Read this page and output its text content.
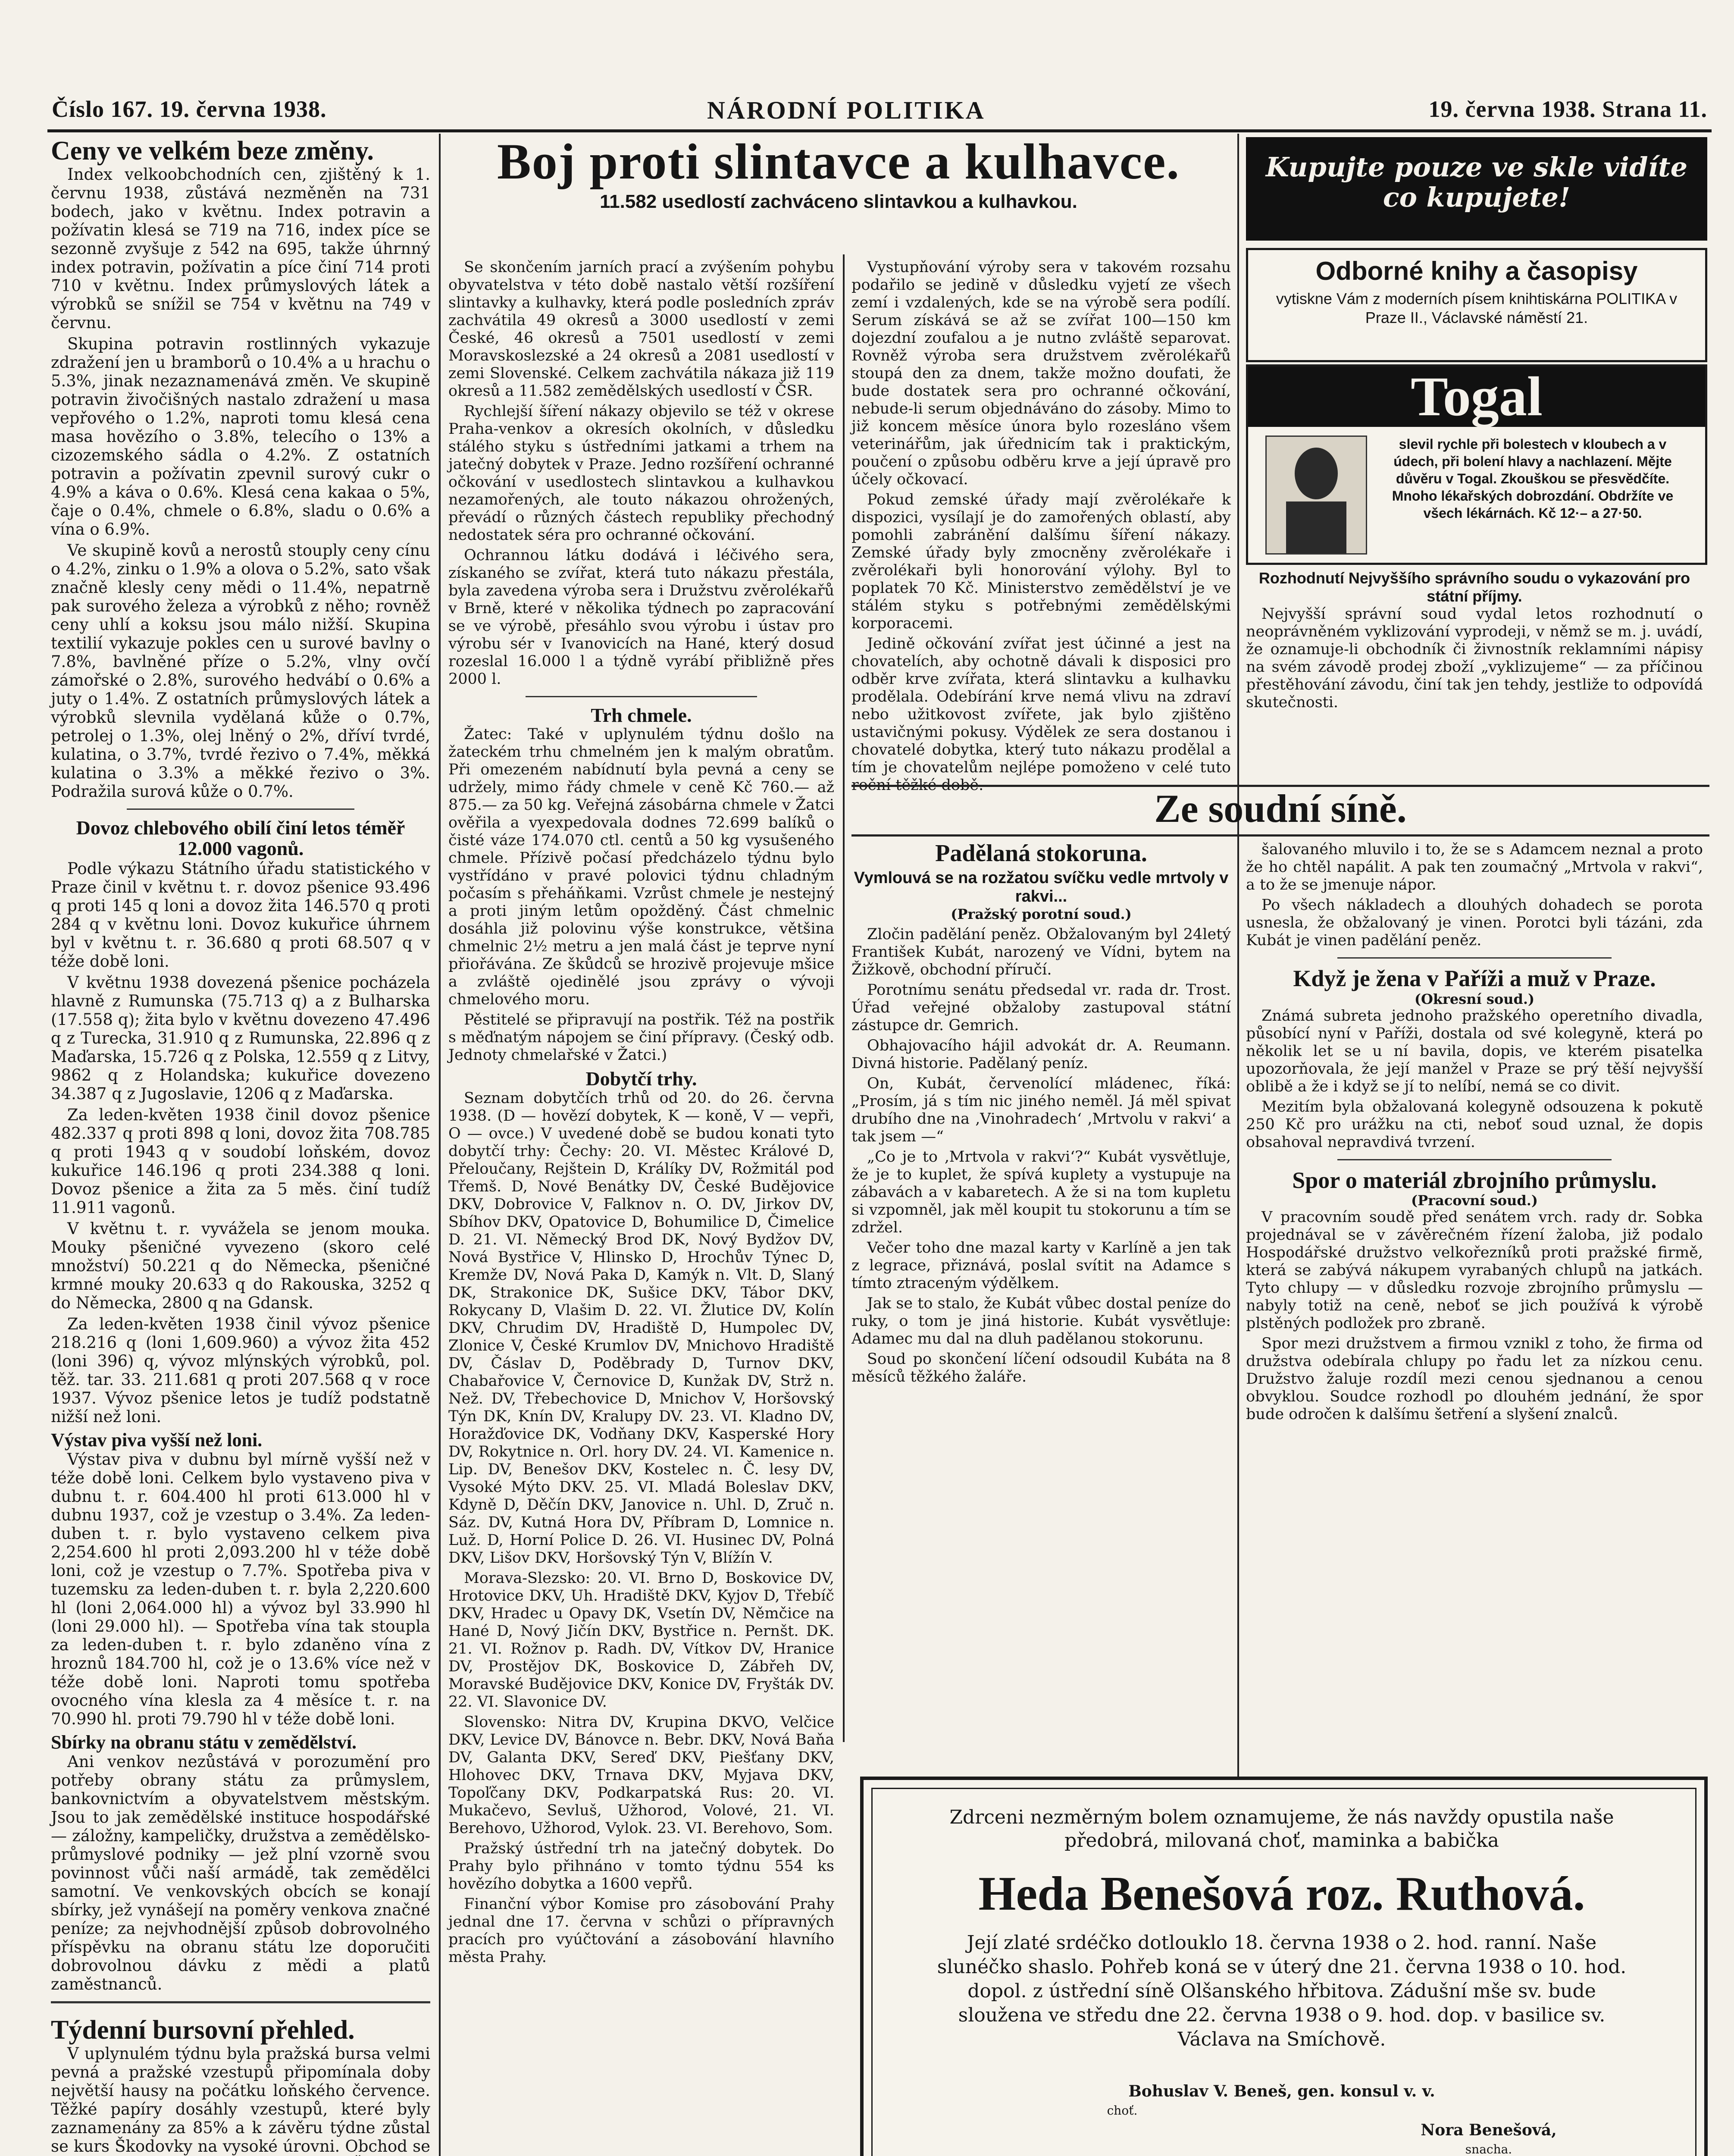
Číslo 167. 19. června 1938.	NÁRODNÍ POLITIKA	19. června 1938. Strana 11.
Ceny ve velkém beze změny.

Index velkoobchodních cen, zjištěný k 1. červnu 1938, zůstává nezměněn na 731 bodech, jako v květnu. Index potravin a požívatin klesá se 719 na 716, index píce se sezonně zvyšuje z 542 na 695, takže úhrnný index potravin, požívatin a píce činí 714 proti 710 v květnu. Index průmyslových látek a výrobků se snížil se 754 v květnu na 749 v červnu.

Skupina potravin rostlinných vykazuje zdražení jen u bramborů o 10.4% a u hrachu o 5.3%, jinak nezaznamenává změn. Ve skupině potravin živočišných nastalo zdražení u masa vepřového o 1.2%, naproti tomu klesá cena masa hovězího o 3.8%, telecího o 13% a cizozemského sádla o 4.2%. Z ostatních potravin a požívatin zpevnil surový cukr o 4.9% a káva o 0.6%. Klesá cena kakaa o 5%, čaje o 0.4%, chmele o 6.8%, sladu o 0.6% a vína o 6.9%.

Ve skupině kovů a nerostů stouply ceny cínu o 4.2%, zinku o 1.9% a olova o 5.2%, sato však značně klesly ceny mědi o 11.4%, nepatrně pak surového železa a výrobků z něho; rovněž ceny uhlí a koksu jsou málo nižší. Skupina textilií vykazuje pokles cen u surové bavlny o 7.8%, bavlněné příze o 5.2%, vlny ovčí zámořské o 2.8%, surového hedvábí o 0.6% a juty o 1.4%. Z ostatních průmyslových látek a výrobků slevnila vydělaná kůže o 0.7%, petrolej o 1.3%, olej lněný o 2%, dříví tvrdé, kulatina, o 3.7%, tvrdé řezivo o 7.4%, měkká kulatina o 3.3% a měkké řezivo o 3%. Podražila surová kůže o 0.7%.

Dovoz chlebového obilí činí letos téměř 12.000 vagonů.

Podle výkazu Státního úřadu statistického v Praze činil v květnu t. r. dovoz pšenice 93.496 q proti 145 q loni a dovoz žita 146.570 q proti 284 q v květnu loni. Dovoz kukuřice úhrnem byl v květnu t. r. 36.680 q proti 68.507 q v téže době loni.

V květnu 1938 dovezená pšenice pocházela hlavně z Rumunska (75.713 q) a z Bulharska (17.558 q); žita bylo v květnu dovezeno 47.496 q z Turecka, 31.910 q z Rumunska, 22.896 q z Maďarska, 15.726 q z Polska, 12.559 q z Litvy, 9862 q z Holandska; kukuřice dovezeno 34.387 q z Jugoslavie, 1206 q z Maďarska.

Za leden-květen 1938 činil dovoz pšenice 482.337 q proti 898 q loni, dovoz žita 708.785 q proti 1943 q v soudobí loňském, dovoz kukuřice 146.196 q proti 234.388 q loni. Dovoz pšenice a žita za 5 měs. činí tudíž 11.911 vagonů.

V květnu t. r. vyvážela se jenom mouka. Mouky pšeničné vyvezeno (skoro celé množství) 50.221 q do Německa, pšeničné krmné mouky 20.633 q do Rakouska, 3252 q do Německa, 2800 q na Gdansk.

Za leden-květen 1938 činil vývoz pšenice 218.216 q (loni 1,609.960) a vývoz žita 452 (loni 396) q, vývoz mlýnských výrobků, pol. těž. tar. 33. 211.681 q proti 207.568 q v roce 1937. Vývoz pšenice letos je tudíž podstatně nižší než loni.

Výstav piva vyšší než loni.

Výstav piva v dubnu byl mírně vyšší než v téže době loni. Celkem bylo vystaveno piva v dubnu t. r. 604.400 hl proti 613.000 hl v dubnu 1937, což je vzestup o 3.4%. Za leden-duben t. r. bylo vystaveno celkem piva 2,254.600 hl proti 2,093.200 hl v téže době loni, což je vzestup o 7.7%. Spotřeba piva v tuzemsku za leden-duben t. r. byla 2,220.600 hl (loni 2,064.000 hl) a vývoz byl 33.990 hl (loni 29.000 hl). — Spotřeba vína tak stoupla za leden-duben t. r. bylo zdaněno vína z hroznů 184.700 hl, což je o 13.6% více než v téže době loni. Naproti tomu spotřeba ovocného vína klesla za 4 měsíce t. r. na 70.990 hl. proti 79.790 hl v téže době loni.

Sbírky na obranu státu v zemědělství.

Ani venkov nezůstává v porozumění pro potřeby obrany státu za průmyslem, bankovnictvím a obyvatelstvem městským. Jsou to jak zemědělské instituce hospodářské — záložny, kampeličky, družstva a zemědělsko-průmyslové podniky — jež plní vzorně svou povinnost vůči naší armádě, tak zemědělci samotní. Ve venkovských obcích se konají sbírky, jež vynášejí na poměry venkova značné peníze; za nejvhodnější způsob dobrovolného příspěvku na obranu státu lze doporučiti dobrovolnou dávku z mědi a platů zaměstnanců.

Týdenní bursovní přehled.

V uplynulém týdnu byla pražská bursa velmi pevná a pražské vzestupů připomínala doby největší hausy na počátku loňského července. Těžké papíry dosáhly vzestupů, které byly zaznamenány za 85% a k závěru týdne zůstal se kurs Škodovky na vysoké úrovni. Obchod se

Boj proti slintavce a kulhavce.
11.582 usedlostí zachváceno slintavkou a kulhavkou.

Se skončením jarních prací a zvýšením pohybu obyvatelstva v této době nastalo větší rozšíření slintavky a kulhavky, která podle posledních zpráv zachvátila 49 okresů a 3000 usedlostí v zemi České, 46 okresů a 7501 usedlostí v zemi Moravskoslezské a 24 okresů a 2081 usedlostí v zemi Slovenské. Celkem zachvátila nákaza již 119 okresů a 11.582 zemědělských usedlostí v ČSR.

Rychlejší šíření nákazy objevilo se též v okrese Praha-venkov a okresích okolních, v důsledku stálého styku s ústředními jatkami a trhem na jatečný dobytek v Praze. Jedno rozšíření ochranné očkování v usedlostech slintavkou a kulhavkou nezamořených, ale touto nákazou ohrožených, převádí o různých částech republiky přechodný nedostatek séra pro ochranné očkování.

Ochrannou látku dodává i léčivého sera, získaného se zvířat, která tuto nákazu přestála, byla zavedena výroba sera i Družstvu zvěrolékařů v Brně, které v několika týdnech po zapracování se ve výrobě, přesáhlo svou výrobu i ústav pro výrobu sér v Ivanovicích na Hané, který dosud rozeslal 16.000 l a týdně vyrábí přibližně přes 2000 l.

Trh chmele.

Žatec: Také v uplynulém týdnu došlo na žateckém trhu chmelném jen k malým obratům. Při omezeném nabídnutí byla pevná a ceny se udržely, mimo řády chmele v ceně Kč 760.— až 875.— za 50 kg. Veřejná zásobárna chmele v Žatci ověřila a vyexpedovala dodnes 72.699 balíků o čisté váze 174.070 ctl. centů a 50 kg vysušeného chmele. Přízivě počasí předcházelo týdnu bylo vystřídáno v pravé polovici týdnu chladným počasím s přeháňkami. Vzrůst chmele je nestejný a proti jiným letům opožděný. Část chmelnic dosáhla již polovinu výše konstrukce, většina chmelnic 2½ metru a jen malá část je teprve nyní přiořávána. Ze škůdců se hrozivě projevuje mšice a zvláště ojedinělé jsou zprávy o vývoji chmelového moru.

Pěstitelé se připravují na postřik. Též na postřik s měďnatým nápojem se činí přípravy. (Český odb. Jednoty chmelařské v Žatci.)

Dobytčí trhy.

Seznam dobytčích trhů od 20. do 26. června 1938. (D — hovězí dobytek, K — koně, V — vepři, O — ovce.) V uvedené době se budou konati tyto dobytčí trhy: Čechy: 20. VI. Městec Králové D, Přeloučany, Rejštein D, Králíky DV, Rožmitál pod Třemš. D, Nové Benátky DV, České Budějovice DKV, Dobrovice V, Falknov n. O. DV, Jirkov DV, Sbíhov DKV, Opatovice D, Bohumilice D, Čimelice D. 21. VI. Německý Brod DK, Nový Bydžov DV, Nová Bystřice V, Hlinsko D, Hrochův Týnec D, Kremže DV, Nová Paka D, Kamýk n. Vlt. D, Slaný DK, Strakonice DK, Sušice DKV, Tábor DKV, Rokycany D, Vlašim D. 22. VI. Žlutice DV, Kolín DKV, Chrudim DV, Hradiště D, Humpolec DV, Zlonice V, České Krumlov DV, Mnichovo Hradiště DV, Čáslav D, Poděbrady D, Turnov DKV, Chabařovice V, Černovice D, Kunžak DV, Strž n. Než. DV, Třebechovice D, Mnichov V, Horšovský Týn DK, Knín DV, Kralupy DV. 23. VI. Kladno DV, Horažďovice DK, Vodňany DKV, Kasperské Hory DV, Rokytnice n. Orl. hory DV. 24. VI. Kamenice n. Lip. DV, Benešov DKV, Kostelec n. Č. lesy DV, Vysoké Mýto DKV. 25. VI. Mladá Boleslav DKV, Kdyně D, Děčín DKV, Janovice n. Uhl. D, Zruč n. Sáz. DV, Kutná Hora DV, Příbram D, Lomnice n. Luž. D, Horní Police D. 26. VI. Husinec DV, Polná DKV, Lišov DKV, Horšovský Týn V, Blížín V.

Morava-Slezsko: 20. VI. Brno D, Boskovice DV, Hrotovice DKV, Uh. Hradiště DKV, Kyjov D, Třebíč DKV, Hradec u Opavy DK, Vsetín DV, Němčice na Hané D, Nový Jičín DKV, Bystřice n. Pernšt. DK. 21. VI. Rožnov p. Radh. DV, Vítkov DV, Hranice DV, Prostějov DK, Boskovice D, Zábřeh DV, Moravské Budějovice DKV, Konice DV, Fryšták DV. 22. VI. Slavonice DV.

Slovensko: Nitra DV, Krupina DKVO, Velčice DKV, Levice DV, Bánovce n. Bebr. DKV, Nová Baňa DV, Galanta DKV, Sereď DKV, Piešťany DKV, Hlohovec DKV, Trnava DKV, Myjava DKV, Topoľčany DKV, Podkarpatská Rus: 20. VI. Mukačevo, Sevluš, Užhorod, Volové, 21. VI. Berehovo, Užhorod, Vylok. 23. VI. Berehovo, Som.

Pražský ústřední trh na jatečný dobytek. Do Prahy bylo přihnáno v tomto týdnu 554 ks hovězího dobytka a 1600 vepřů.

Finanční výbor Komise pro zásobování Prahy jednal dne 17. června v schůzi o přípravných pracích pro vyúčtování a zásobování hlavního města Prahy.

Vystupňování výroby sera v takovém rozsahu podařilo se jedině v důsledku vyjetí ze všech zemí i vzdalených, kde se na výrobě sera podílí. Serum získává se až se zvířat 100—150 km dojezdní zoufalou a je nutno zvláště separovat. Rovněž výroba sera družstvem zvěrolékařů stoupá den za dnem, takže možno doufati, že bude dostatek sera pro ochranné očkování, nebude-li serum objednáváno do zásoby. Mimo to již koncem měsíce února bylo rozesláno všem veterinářům, jak úřednicím tak i praktickým, poučení o způsobu odběru krve a její úpravě pro účely očkovací.

Pokud zemské úřady mají zvěrolékaře k dispozici, vysílají je do zamořených oblastí, aby pomohli zabránění dalšímu šíření nákazy. Zemské úřady byly zmocněny zvěrolékaře i zvěrolékaři byli honorování výlohy. Byl to poplatek 70 Kč. Ministerstvo zemědělství je ve stálém styku s potřebnými zemědělskými korporacemi.

Jedině očkování zvířat jest účinné a jest na chovatelích, aby ochotně dávali k disposici pro odběr krve zvířata, která slintavku a kulhavku prodělala. Odebírání krve nemá vlivu na zdraví nebo užitkovost zvířete, jak bylo zjištěno ustavičnými pokusy. Výdělek ze sera dostanou i chovatelé dobytka, který tuto nákazu prodělal a tím je chovatelům nejlépe pomoženo v celé tuto roční těžké době.

Ze soudní síně.
Padělaná stokoruna.
Vymlouvá se na rozžatou svíčku vedle mrtvoly v rakvi...
(Pražský porotní soud.)

Zločin padělání peněz. Obžalovaným byl 24letý František Kubát, narozený ve Vídni, bytem na Žižkově, obchodní příručí.

Porotnímu senátu předsedal vr. rada dr. Trost. Úřad veřejné obžaloby zastupoval státní zástupce dr. Gemrich.

Obhajovacího hájil advokát dr. A. Reumann. Divná historie. Padělaný peníz.

On, Kubát, červenolící mládenec, říká: „Prosím, já s tím nic jiného neměl. Já měl spivat drubího dne na ‚Vinohradech‘ ‚Mrtvolu v rakvi‘ a tak jsem —“

„Co je to ‚Mrtvola v rakvi‘?“ Kubát vysvětluje, že je to kuplet, že spívá kuplety a vystupuje na zábavách a v kabaretech. A že si na tom kupletu si vzpomněl, jak měl koupit tu stokorunu a tím se zdržel.

Večer toho dne mazal karty v Karlíně a jen tak z legrace, přiznává, poslal svítit na Adamce s tímto ztraceným výdělkem.

Jak se to stalo, že Kubát vůbec dostal peníze do ruky, o tom je jiná historie. Kubát vysvětluje: Adamec mu dal na dluh padělanou stokorunu.

Soud po skončení líčení odsoudil Kubáta na 8 měsíců těžkého žaláře.

Kupujte pouze ve skle vidíte co kupujete!
Odborné knihy a časopisy
vytiskne Vám z moderních písem knihtiskárna POLITIKA v Praze II., Václavské náměstí 21.
Togal
slevil rychle při bolestech v kloubech a v údech, při bolení hlavy a nachlazení. Mějte důvěru v Togal. Zkouškou se přesvědčíte. Mnoho lékařských dobrozdání. Obdržíte ve všech lékárnách. Kč 12·– a 27·50.
Rozhodnutí Nejvyššího správního soudu o vykazování pro státní příjmy.

Nejvyšší správní soud vydal letos rozhodnutí o neoprávněném vyklizování vyprodeji, v němž se m. j. uvádí, že oznamuje-li obchodník či živnostník reklamními nápisy na svém závodě prodej zboží „vyklizujeme“ — za příčinou přestěhování závodu, činí tak jen tehdy, jestliže to odpovídá skutečnosti.

šalovaného mluvilo i to, že se s Adamcem neznal a proto že ho chtěl napálit. A pak ten zoumačný „Mrtvola v rakvi“, a to že se jmenuje nápor.

Po všech nákladech a dlouhých dohadech se porota usnesla, že obžalovaný je vinen. Porotci byli tázáni, zda Kubát je vinen padělání peněz.

Když je žena v Paříži a muž v Praze.
(Okresní soud.)

Známá subreta jednoho pražského operetního divadla, působící nyní v Paříži, dostala od své kolegyně, která po několik let se u ní bavila, dopis, ve kterém pisatelka upozorňovala, že její manžel v Praze se prý těší nejvyšší oblibě a že i když se jí to nelíbí, nemá se co divit.

Mezitím byla obžalovaná kolegyně odsouzena k pokutě 250 Kč pro urážku na cti, neboť soud uznal, že dopis obsahoval nepravdivá tvrzení.

Spor o materiál zbrojního průmyslu.
(Pracovní soud.)

V pracovním soudě před senátem vrch. rady dr. Sobka projednával se v závěrečném řízení žaloba, již podalo Hospodářské družstvo velkořezníků proti pražské firmě, která se zabývá nákupem vyrabaných chlupů na jatkách. Tyto chlupy — v důsledku rozvoje zbrojního průmyslu — nabyly totiž na ceně, neboť se jich používá k výrobě plstěných podložek pro zbraně.

Spor mezi družstvem a firmou vznikl z toho, že firma od družstva odebírala chlupy po řadu let za nízkou cenu. Družstvo žaluje rozdíl mezi cenou sjednanou a cenou obvyklou. Soudce rozhodl po dlouhém jednání, že spor bude odročen k dalšímu šetření a slyšení znalců.

Zdrceni nezměrným bolem oznamujeme, že nás navždy opustila naše předobrá, milovaná choť, maminka a babička
Heda Benešová roz. Ruthová.
Její zlaté srdéčko dotlouklo 18. června 1938 o 2. hod. ranní. Naše slunéčko shaslo. Pohřeb koná se v úterý dne 21. června 1938 o 10. hod. dopol. z ústřední síně Olšanského hřbitova. Zádušní mše sv. bude sloužena ve středu dne 22. června 1938 o 9. hod. dop. v basilice sv. Václava na Smíchově.
Bohuslav V. Beneš, gen. konsul v. v.
choť.
Nora Benešová,
snacha.
